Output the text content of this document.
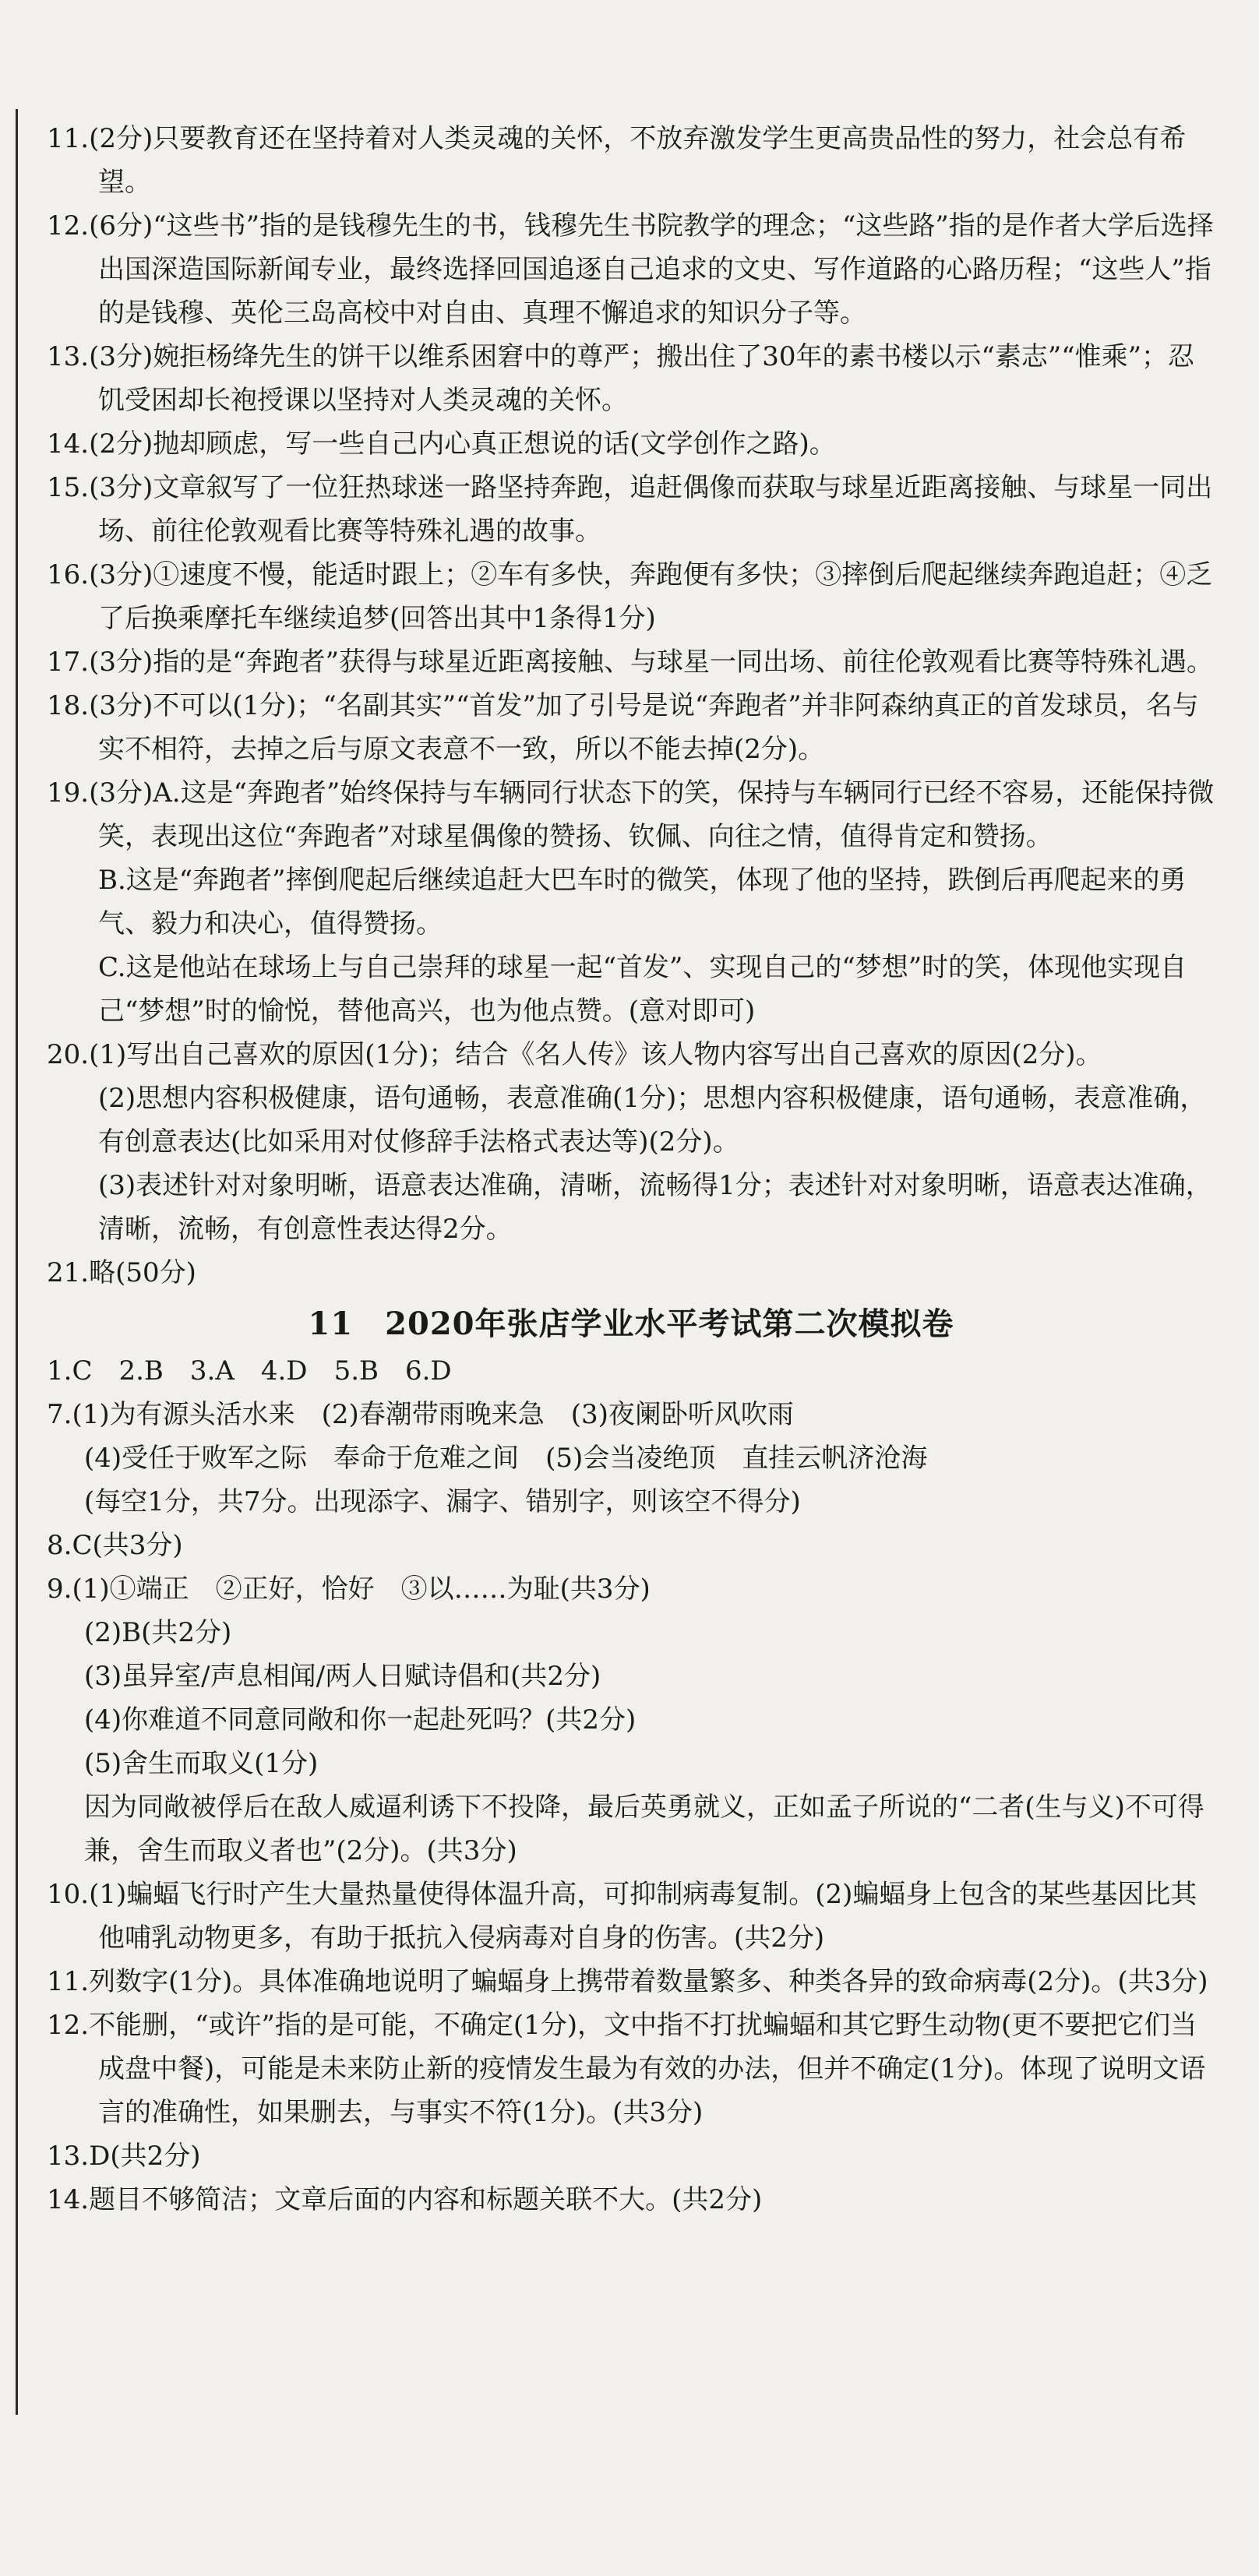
11.(2分)只要教育还在坚持着对人类灵魂的关怀，不放弃激发学生更高贵品性的努力，社会总有希望。

12.(6分)“这些书”指的是钱穆先生的书，钱穆先生书院教学的理念；“这些路”指的是作者大学后选择出国深造国际新闻专业，最终选择回国追逐自己追求的文史、写作道路的心路历程；“这些人”指的是钱穆、英伦三岛高校中对自由、真理不懈追求的知识分子等。

13.(3分)婉拒杨绛先生的饼干以维系困窘中的尊严；搬出住了30年的素书楼以示“素志”“惟乘”；忍饥受困却长袍授课以坚持对人类灵魂的关怀。

14.(2分)抛却顾虑，写一些自己内心真正想说的话(文学创作之路)。

15.(3分)文章叙写了一位狂热球迷一路坚持奔跑，追赶偶像而获取与球星近距离接触、与球星一同出场、前往伦敦观看比赛等特殊礼遇的故事。

16.(3分)①速度不慢，能适时跟上；②车有多快，奔跑便有多快；③摔倒后爬起继续奔跑追赶；④乏了后换乘摩托车继续追梦(回答出其中1条得1分)

17.(3分)指的是“奔跑者”获得与球星近距离接触、与球星一同出场、前往伦敦观看比赛等特殊礼遇。

18.(3分)不可以(1分)；“名副其实”“首发”加了引号是说“奔跑者”并非阿森纳真正的首发球员，名与实不相符，去掉之后与原文表意不一致，所以不能去掉(2分)。

19.(3分)A.这是“奔跑者”始终保持与车辆同行状态下的笑，保持与车辆同行已经不容易，还能保持微笑，表现出这位“奔跑者”对球星偶像的赞扬、钦佩、向往之情，值得肯定和赞扬。

B.这是“奔跑者”摔倒爬起后继续追赶大巴车时的微笑，体现了他的坚持，跌倒后再爬起来的勇气、毅力和决心，值得赞扬。

C.这是他站在球场上与自己崇拜的球星一起“首发”、实现自己的“梦想”时的笑，体现他实现自己“梦想”时的愉悦，替他高兴，也为他点赞。(意对即可)

20.(1)写出自己喜欢的原因(1分)；结合《名人传》该人物内容写出自己喜欢的原因(2分)。

(2)思想内容积极健康，语句通畅，表意准确(1分)；思想内容积极健康，语句通畅，表意准确，有创意表达(比如采用对仗修辞手法格式表达等)(2分)。

(3)表述针对对象明晰，语意表达准确，清晰，流畅得1分；表述针对对象明晰，语意表达准确，清晰，流畅，有创意性表达得2分。

21.略(50分)

11　2020年张店学业水平考试第二次模拟卷

1.C　2.B　3.A　4.D　5.B　6.D

7.(1)为有源头活水来　(2)春潮带雨晚来急　(3)夜阑卧听风吹雨

(4)受任于败军之际　奉命于危难之间　(5)会当凌绝顶　直挂云帆济沧海

(每空1分，共7分。出现添字、漏字、错别字，则该空不得分)

8.C(共3分)

9.(1)①端正　②正好，恰好　③以……为耻(共3分)

(2)B(共2分)

(3)虽异室/声息相闻/两人日赋诗倡和(共2分)

(4)你难道不同意同敞和你一起赴死吗？(共2分)

(5)舍生而取义(1分)

因为同敞被俘后在敌人威逼利诱下不投降，最后英勇就义，正如孟子所说的“二者(生与义)不可得兼，舍生而取义者也”(2分)。(共3分)

10.(1)蝙蝠飞行时产生大量热量使得体温升高，可抑制病毒复制。(2)蝙蝠身上包含的某些基因比其他哺乳动物更多，有助于抵抗入侵病毒对自身的伤害。(共2分)

11.列数字(1分)。具体准确地说明了蝙蝠身上携带着数量繁多、种类各异的致命病毒(2分)。(共3分)

12.不能删，“或许”指的是可能，不确定(1分)，文中指不打扰蝙蝠和其它野生动物(更不要把它们当成盘中餐)，可能是未来防止新的疫情发生最为有效的办法，但并不确定(1分)。体现了说明文语言的准确性，如果删去，与事实不符(1分)。(共3分)

13.D(共2分)

14.题目不够简洁；文章后面的内容和标题关联不大。(共2分)
